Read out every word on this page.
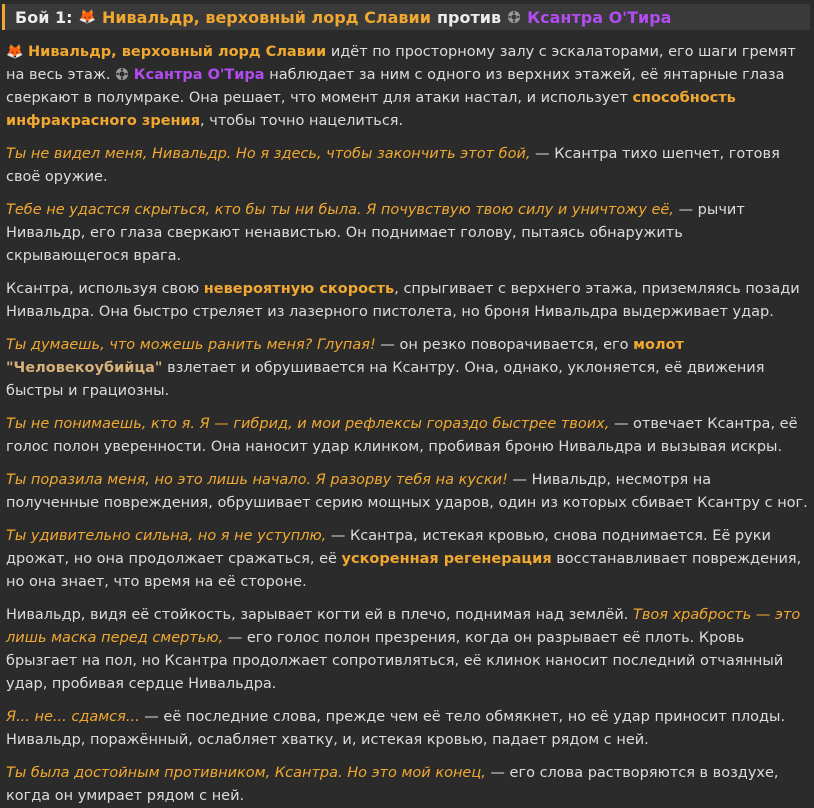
Бой 1: 🦊 Нивальдр, верховный лорд Славии против Ксантра О'Тира

🦊 Нивальдр, верховный лорд Славии идёт по просторному залу с эскалаторами, его шаги гремят на весь этаж.  Ксантра О'Тира наблюдает за ним с одного из верхних этажей, её янтарные глаза сверкают в полумраке. Она решает, что момент для атаки настал, и использует способность инфракрасного зрения, чтобы точно нацелиться.

Ты не видел меня, Нивальдр. Но я здесь, чтобы закончить этот бой, — Ксантра тихо шепчет, готовя своё оружие.

Тебе не удастся скрыться, кто бы ты ни была. Я почувствую твою силу и уничтожу её, — рычит Нивальдр, его глаза сверкают ненавистью. Он поднимает голову, пытаясь обнаружить скрывающегося врага.

Ксантра, используя свою невероятную скорость, спрыгивает с верхнего этажа, приземляясь позади Нивальдра. Она быстро стреляет из лазерного пистолета, но броня Нивальдра выдерживает удар.

Ты думаешь, что можешь ранить меня? Глупая! — он резко поворачивается, его молот "Человекоубийца" взлетает и обрушивается на Ксантру. Она, однако, уклоняется, её движения быстры и грациозны.

Ты не понимаешь, кто я. Я — гибрид, и мои рефлексы гораздо быстрее твоих, — отвечает Ксантра, её голос полон уверенности. Она наносит удар клинком, пробивая броню Нивальдра и вызывая искры.

Ты поразила меня, но это лишь начало. Я разорву тебя на куски! — Нивальдр, несмотря на полученные повреждения, обрушивает серию мощных ударов, один из которых сбивает Ксантру с ног.

Ты удивительно сильна, но я не уступлю, — Ксантра, истекая кровью, снова поднимается. Её руки дрожат, но она продолжает сражаться, её ускоренная регенерация восстанавливает повреждения, но она знает, что время на её стороне.

Нивальдр, видя её стойкость, зарывает когти ей в плечо, поднимая над землёй. Твоя храбрость — это лишь маска перед смертью, — его голос полон презрения, когда он разрывает её плоть. Кровь брызгает на пол, но Ксантра продолжает сопротивляться, её клинок наносит последний отчаянный удар, пробивая сердце Нивальдра.

Я... не... сдамся... — её последние слова, прежде чем её тело обмякнет, но её удар приносит плоды. Нивальдр, поражённый, ослабляет хватку, и, истекая кровью, падает рядом с ней.

Ты была достойным противником, Ксантра. Но это мой конец, — его слова растворяются в воздухе, когда он умирает рядом с ней.
